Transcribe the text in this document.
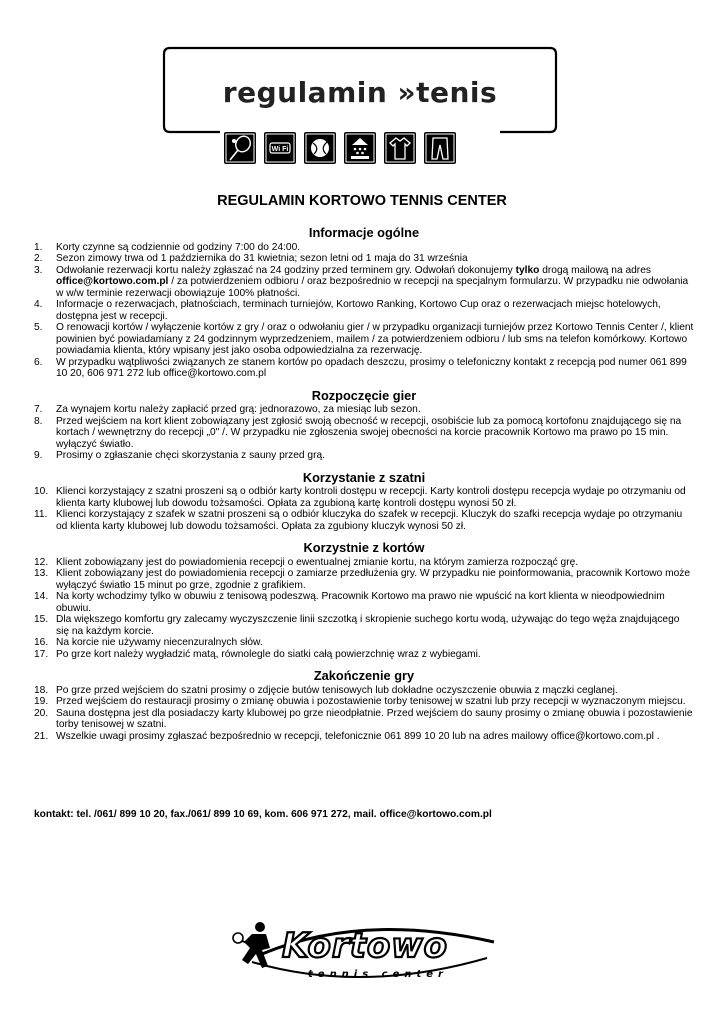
regulamin »tenis
Wi Fi
REGULAMIN KORTOWO TENNIS CENTER
Informacje ogólne
1. Korty czynne są codziennie od godziny 7:00 do 24:00.
2. Sezon zimowy trwa od 1 października do 31 kwietnia; sezon letni od 1 maja do 31 września
3. Odwołanie rezerwacji kortu należy zgłaszać na 24 godziny przed terminem gry. Odwołań dokonujemy tylko drogą mailową na adres office@kortowo.com.pl / za potwierdzeniem odbioru / oraz bezpośrednio w recepcji na specjalnym formularzu. W przypadku nie odwołania w w/w terminie rezerwacji obowiązuje 100% płatności.
4. Informacje o rezerwacjach, płatnościach, terminach turniejów, Kortowo Ranking, Kortowo Cup oraz o rezerwacjach miejsc hotelowych, dostępna jest w recepcji.
5. O renowacji kortów / wyłączenie kortów z gry / oraz o odwołaniu gier / w przypadku organizacji turniejów przez Kortowo Tennis Center /, klient powinien być powiadamiany z 24 godzinnym wyprzedzeniem, mailem / za potwierdzeniem odbioru / lub sms na telefon komórkowy. Kortowo powiadamia klienta, który wpisany jest jako osoba odpowiedzialna za rezerwację.
6. W przypadku wątpliwości związanych ze stanem kortów po opadach deszczu, prosimy o telefoniczny kontakt z recepcją pod numer 061 899 10 20, 606 971 272 lub office@kortowo.com.pl
Rozpoczęcie gier
7. Za wynajem kortu należy zapłacić przed grą: jednorazowo, za miesiąc lub sezon.
8. Przed wejściem na kort klient zobowiązany jest zgłosić swoją obecność w recepcji, osobiście lub za pomocą kortofonu znajdującego się na kortach / wewnętrzny do recepcji „0" /. W przypadku nie zgłoszenia swojej obecności na korcie pracownik Kortowo ma prawo po 15 min. wyłączyć światło.
9. Prosimy o zgłaszanie chęci skorzystania z sauny przed grą.
Korzystanie z szatni
10. Klienci korzystający z szatni proszeni są o odbiór karty kontroli dostępu w recepcji. Karty kontroli dostępu recepcja wydaje po otrzymaniu od klienta karty klubowej lub dowodu tożsamości. Opłata za zgubioną kartę kontroli dostępu wynosi 50 zł.
11. Klienci korzystający z szafek w szatni proszeni są o odbiór kluczyka do szafek w recepcji. Kluczyk do szafki recepcja wydaje po otrzymaniu od klienta karty klubowej lub dowodu tożsamości. Opłata za zgubiony kluczyk wynosi 50 zł.
Korzystnie z kortów
12. Klient zobowiązany jest do powiadomienia recepcji o ewentualnej zmianie kortu, na którym zamierza rozpocząć grę.
13. Klient zobowiązany jest do powiadomienia recepcji o zamiarze przedłużenia gry. W przypadku nie poinformowania, pracownik Kortowo może wyłączyć światło 15 minut po grze, zgodnie z grafikiem.
14. Na korty wchodzimy tylko w obuwiu z tenisową podeszwą. Pracownik Kortowo ma prawo nie wpuścić na kort klienta w nieodpowiednim obuwiu.
15. Dla większego komfortu gry zalecamy wyczyszczenie linii szczotką i skropienie suchego kortu wodą, używając do tego węża znajdującego się na każdym korcie.
16. Na korcie nie używamy niecenzuralnych słów.
17. Po grze kort należy wygładzić matą, równolegle do siatki całą powierzchnię wraz z wybiegami.
Zakończenie gry
18. Po grze przed wejściem do szatni prosimy o zdjęcie butów tenisowych lub dokładne oczyszczenie obuwia z mączki ceglanej.
19. Przed wejściem do restauracji prosimy o zmianę obuwia i pozostawienie torby tenisowej w szatni lub przy recepcji w wyznaczonym miejscu.
20. Sauna dostępna jest dla posiadaczy karty klubowej po grze nieodpłatnie. Przed wejściem do sauny prosimy o zmianę obuwia i pozostawienie torby tenisowej w szatni.
21. Wszelkie uwagi prosimy zgłaszać bezpośrednio w recepcji, telefonicznie 061 899 10 20 lub na adres mailowy office@kortowo.com.pl .
kontakt: tel. /061/ 899 10 20, fax./061/ 899 10 69, kom. 606 971 272, mail. office@kortowo.com.pl
Kortowo
tennis center
